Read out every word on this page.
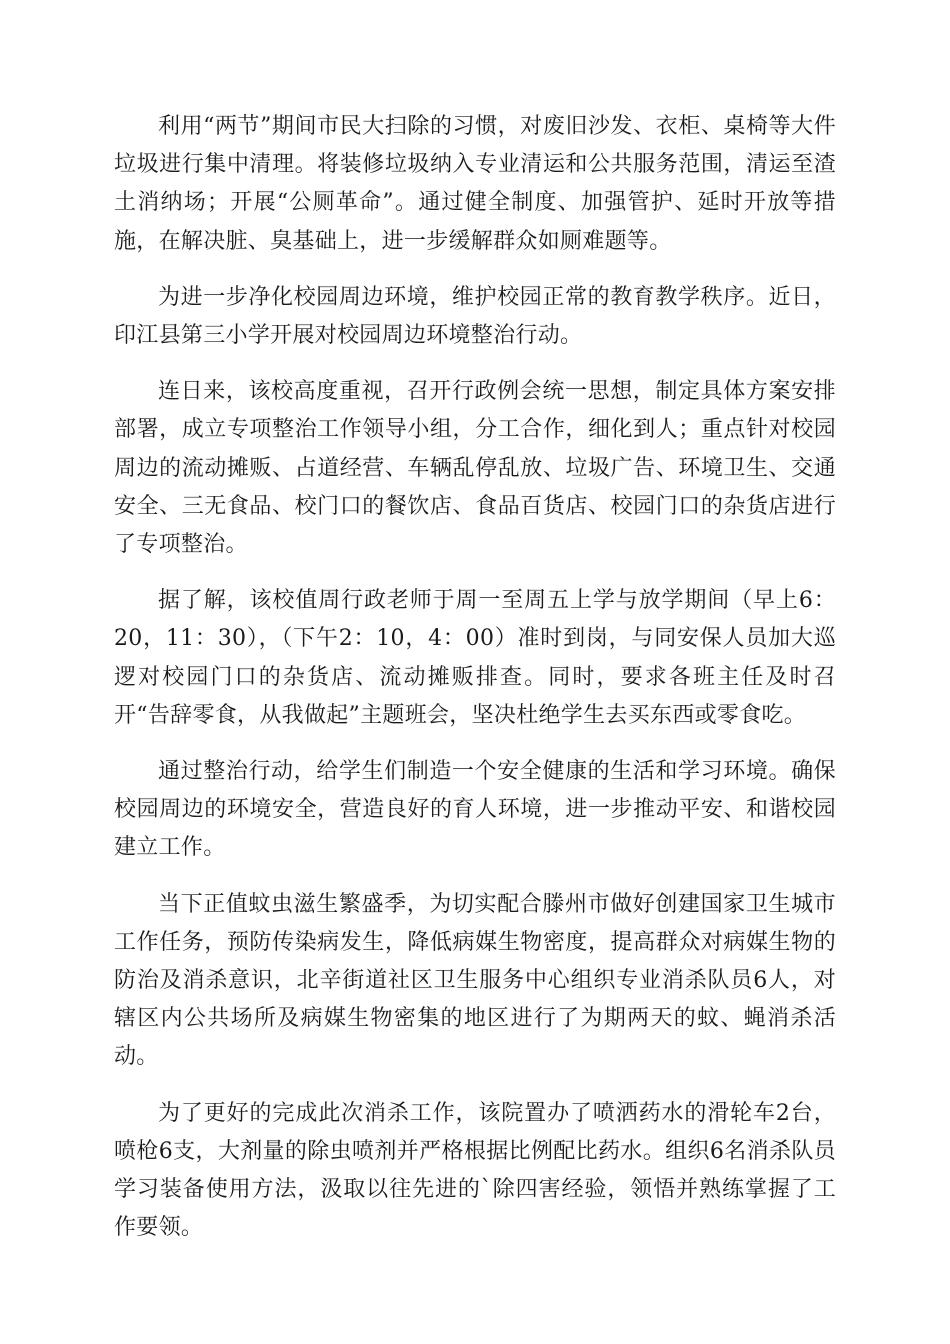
利用“两节”期间市民大扫除的习惯，对废旧沙发、衣柜、桌椅等大件垃圾进行集中清理。将装修垃圾纳入专业清运和公共服务范围，清运至渣土消纳场；开展“公厕革命”。通过健全制度、加强管护、延时开放等措施，在解决脏、臭基础上，进一步缓解群众如厕难题等。

为进一步净化校园周边环境，维护校园正常的教育教学秩序。近日，印江县第三小学开展对校园周边环境整治行动。

连日来，该校高度重视，召开行政例会统一思想，制定具体方案安排部署，成立专项整治工作领导小组，分工合作，细化到人；重点针对校园周边的流动摊贩、占道经营、车辆乱停乱放、垃圾广告、环境卫生、交通安全、三无食品、校门口的餐饮店、食品百货店、校园门口的杂货店进行了专项整治。

据了解，该校值周行政老师于周一至周五上学与放学期间（早上6：20，11：30），（下午2：10，4：00）准时到岗，与同安保人员加大巡逻对校园门口的杂货店、流动摊贩排查。同时，要求各班主任及时召开“告辞零食，从我做起”主题班会，坚决杜绝学生去买东西或零食吃。

通过整治行动，给学生们制造一个安全健康的生活和学习环境。确保校园周边的环境安全，营造良好的育人环境，进一步推动平安、和谐校园建立工作。

当下正值蚊虫滋生繁盛季，为切实配合滕州市做好创建国家卫生城市工作任务，预防传染病发生，降低病媒生物密度，提高群众对病媒生物的防治及消杀意识，北辛街道社区卫生服务中心组织专业消杀队员6人，对辖区内公共场所及病媒生物密集的地区进行了为期两天的蚊、蝇消杀活动。

为了更好的完成此次消杀工作，该院置办了喷洒药水的滑轮车2台，喷枪6支，大剂量的除虫喷剂并严格根据比例配比药水。组织6名消杀队员学习装备使用方法，汲取以往先进的`除四害经验，领悟并熟练掌握了工作要领。
